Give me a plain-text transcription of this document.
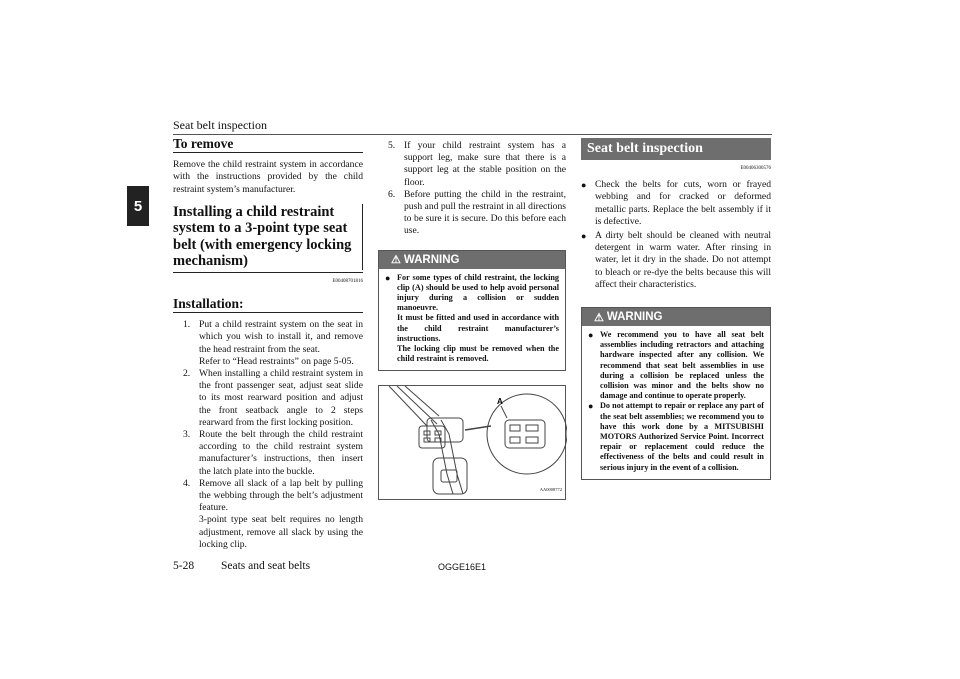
Seat belt inspection
5
To remove

Remove the child restraint system in accordance with the instructions provided by the child restraint system’s manufacturer.

Installing a child restraint system to a 3-point type seat belt (with emergency locking mechanism)
E00408701816
Installation:
1. Put a child restraint system on the seat in which you wish to install it, and remove the head restraint from the seat.
Refer to “Head restraints” on page 5-05.
2. When installing a child restraint system in the front passenger seat, adjust seat slide to its most rearward position and adjust the front seatback angle to 2 steps rearward from the first locking position.
3. Route the belt through the child restraint according to the child restraint system manufacturer’s instructions, then insert the latch plate into the buckle.
4. Remove all slack of a lap belt by pulling the webbing through the belt’s adjustment feature.
3-point type seat belt requires no length adjustment, remove all slack by using the locking clip.
5. If your child restraint system has a support leg, make sure that there is a support leg at the stable position on the floor.
6. Before putting the child in the restraint, push and pull the restraint in all directions to be sure it is secure. Do this before each use.
⚠ WARNING
● For some types of child restraint, the locking clip (A) should be used to help avoid personal injury during a collision or sudden manoeuvre.
It must be fitted and used in accordance with the child restraint manufacturer’s instructions.
The locking clip must be removed when the child restraint is removed.
A
AA0008772
Seat belt inspection
E00406300576
● Check the belts for cuts, worn or frayed webbing and for cracked or deformed metallic parts. Replace the belt assembly if it is defective.
● A dirty belt should be cleaned with neutral detergent in warm water. After rinsing in water, let it dry in the shade. Do not attempt to bleach or re-dye the belts because this will affect their characteristics.
⚠ WARNING
● We recommend you to have all seat belt assemblies including retractors and attaching hardware inspected after any collision. We recommend that seat belt assemblies in use during a collision be replaced unless the collision was minor and the belts show no damage and continue to operate properly.
● Do not attempt to repair or replace any part of the seat belt assemblies; we recommend you to have this work done by a MITSUBISHI MOTORS Authorized Service Point. Incorrect repair or replacement could reduce the effectiveness of the belts and could result in serious injury in the event of a collision.
5-28 Seats and seat belts	OGGE16E1
